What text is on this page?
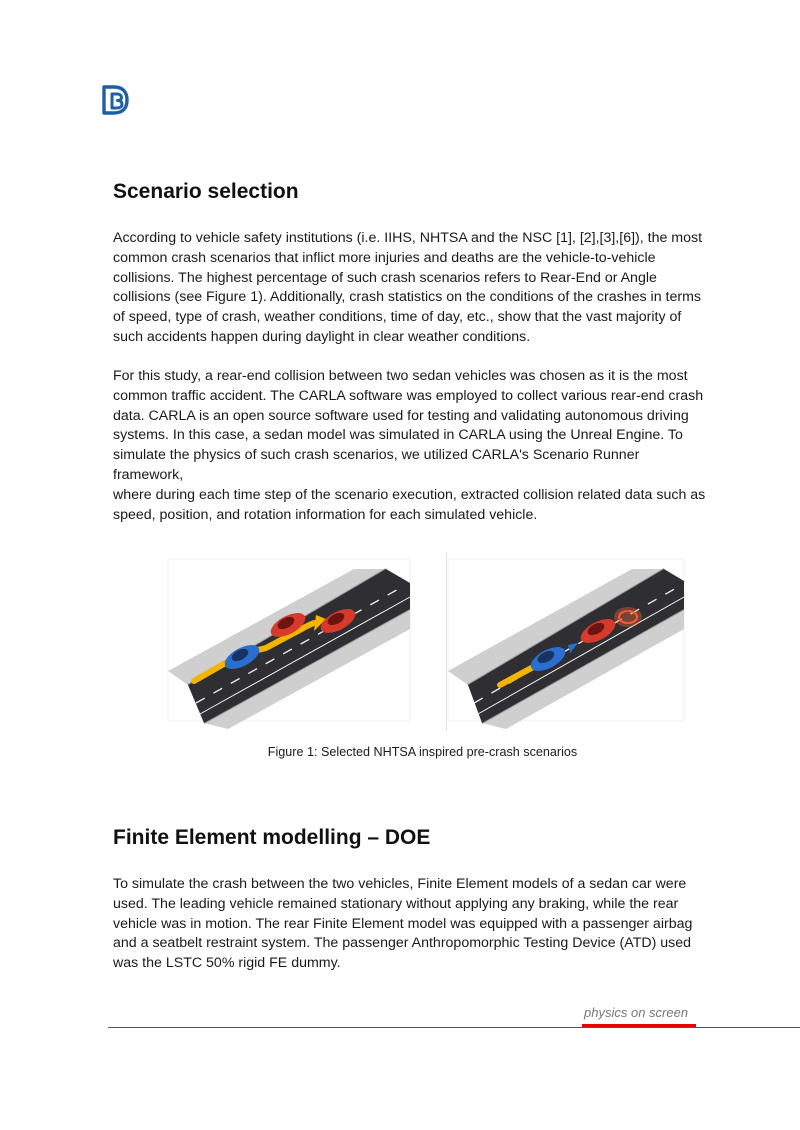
Scenario selection

According to vehicle safety institutions (i.e. IIHS, NHTSA and the NSC [1], [2],[3],[6]), the most
common crash scenarios that inflict more injuries and deaths are the vehicle-to-vehicle
collisions. The highest percentage of such crash scenarios refers to Rear-End or Angle
collisions (see Figure 1). Additionally, crash statistics on the conditions of the crashes in terms
of speed, type of crash, weather conditions, time of day, etc., show that the vast majority of
such accidents happen during daylight in clear weather conditions.

For this study, a rear-end collision between two sedan vehicles was chosen as it is the most
common traffic accident. The CARLA software was employed to collect various rear-end crash
data. CARLA is an open source software used for testing and validating autonomous driving
systems. In this case, a sedan model was simulated in CARLA using the Unreal Engine. To
simulate the physics of such crash scenarios, we utilized CARLA's Scenario Runner framework,
where during each time step of the scenario execution, extracted collision related data such as
speed, position, and rotation information for each simulated vehicle.

Figure 1: Selected NHTSA inspired pre-crash scenarios
Finite Element modelling – DOE

To simulate the crash between the two vehicles, Finite Element models of a sedan car were
used. The leading vehicle remained stationary without applying any braking, while the rear
vehicle was in motion. The rear Finite Element model was equipped with a passenger airbag
and a seatbelt restraint system. The passenger Anthropomorphic Testing Device (ATD) used
was the LSTC 50% rigid FE dummy.

physics on screen
